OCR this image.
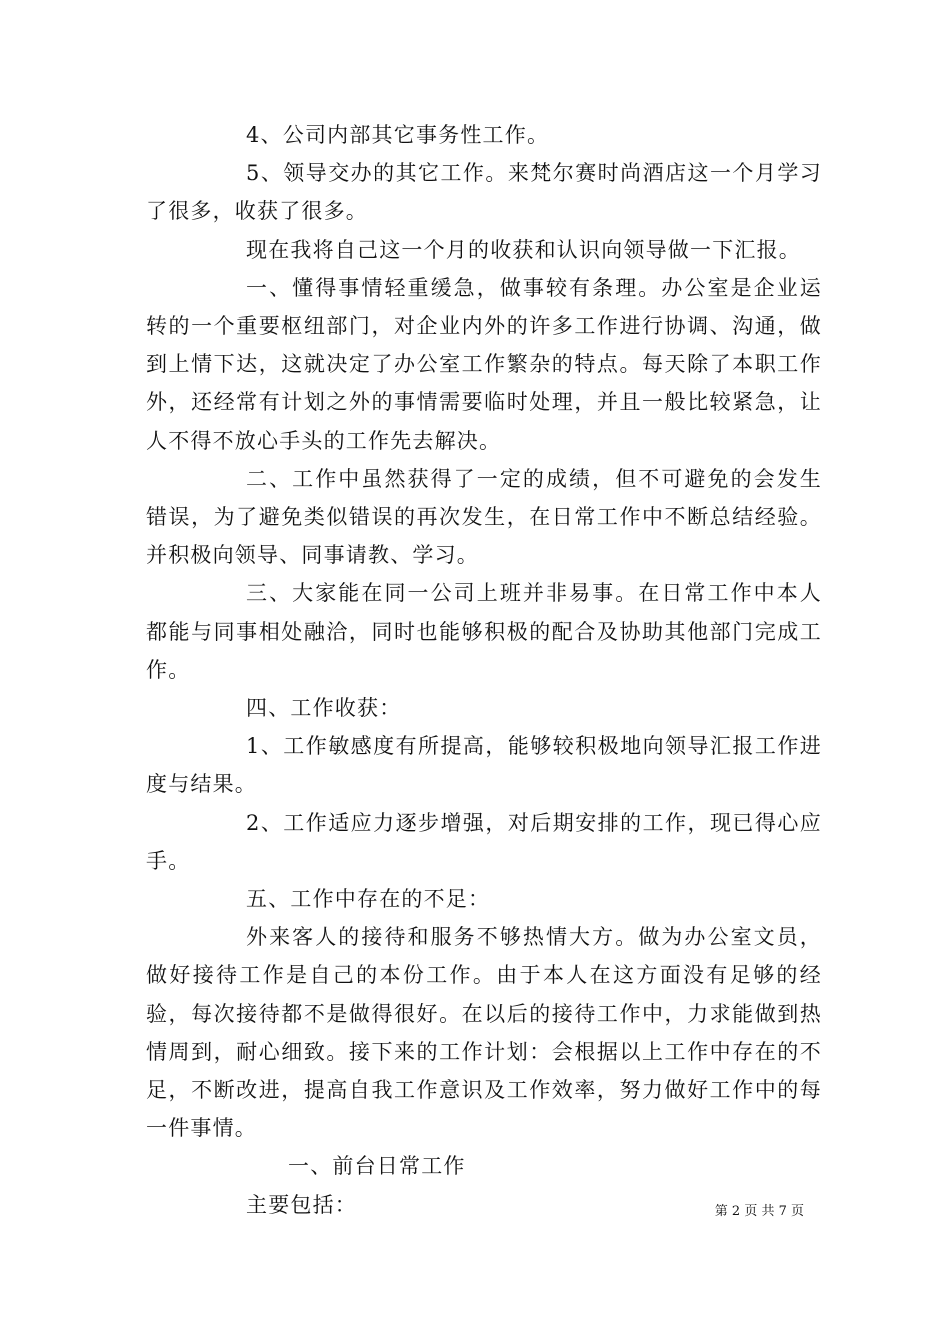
4、公司内部其它事务性工作。

5、领导交办的其它工作。来梵尔赛时尚酒店这一个月学习了很多，收获了很多。

现在我将自己这一个月的收获和认识向领导做一下汇报。

一、懂得事情轻重缓急，做事较有条理。办公室是企业运转的一个重要枢纽部门，对企业内外的许多工作进行协调、沟通，做到上情下达，这就决定了办公室工作繁杂的特点。每天除了本职工作外，还经常有计划之外的事情需要临时处理，并且一般比较紧急，让人不得不放心手头的工作先去解决。

二、工作中虽然获得了一定的成绩，但不可避免的会发生错误，为了避免类似错误的再次发生，在日常工作中不断总结经验。并积极向领导、同事请教、学习。

三、大家能在同一公司上班并非易事。在日常工作中本人都能与同事相处融洽，同时也能够积极的配合及协助其他部门完成工作。

四、工作收获：

1、工作敏感度有所提高，能够较积极地向领导汇报工作进度与结果。

2、工作适应力逐步增强，对后期安排的工作，现已得心应手。

五、工作中存在的不足：

外来客人的接待和服务不够热情大方。做为办公室文员，做好接待工作是自己的本份工作。由于本人在这方面没有足够的经验，每次接待都不是做得很好。在以后的接待工作中，力求能做到热情周到，耐心细致。接下来的工作计划：会根据以上工作中存在的不足，不断改进，提高自我工作意识及工作效率，努力做好工作中的每一件事情。

一、前台日常工作

主要包括：	第 2 页 共 7 页
